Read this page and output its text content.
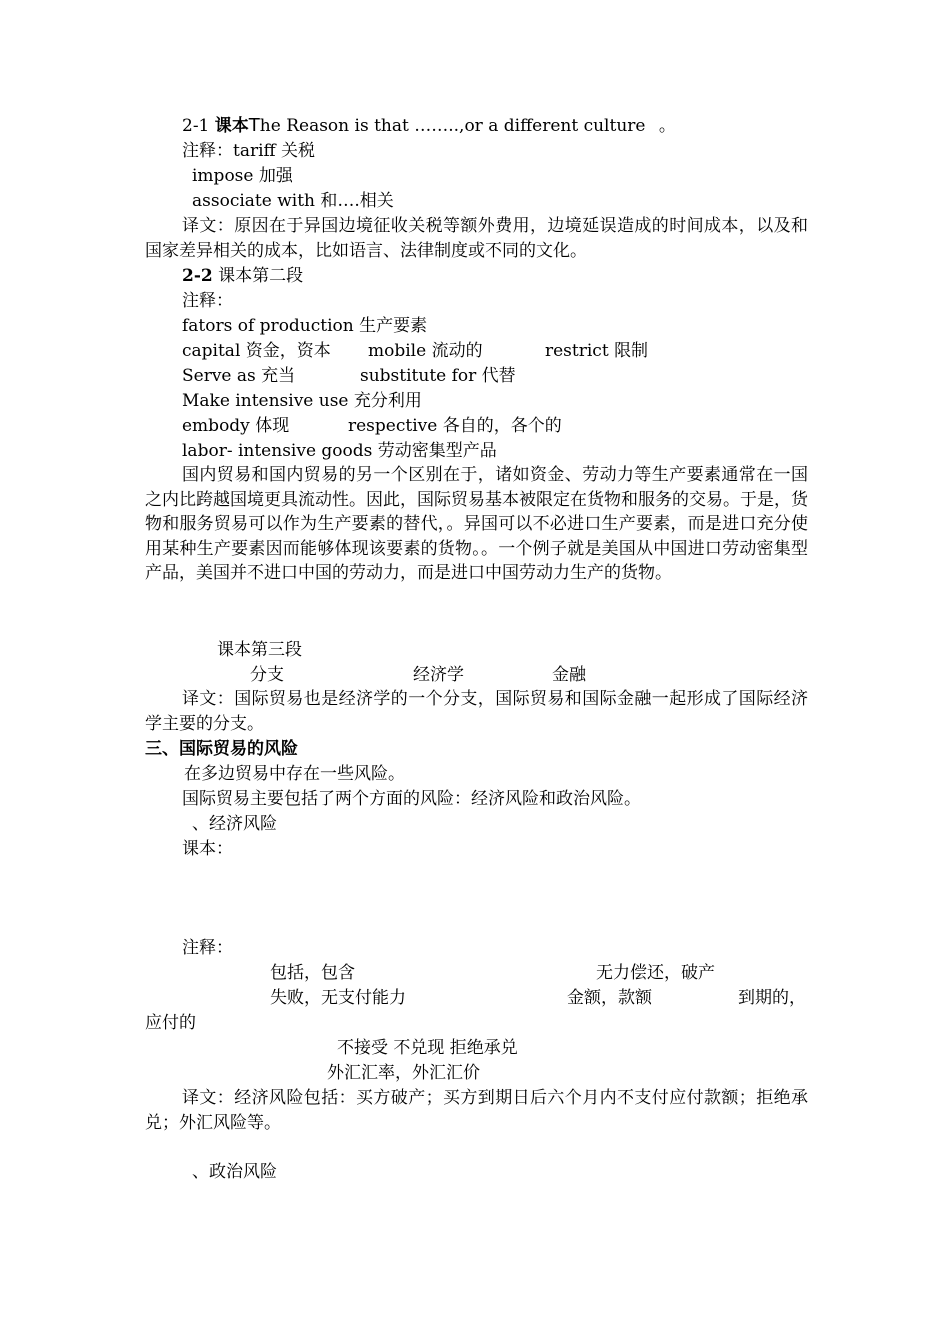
2-1 课本The Reason is that ……..,or a different culture 。
注释：tariff 关税
impose 加强
associate with 和….相关
译文：原因在于异国边境征收关税等额外费用，边境延误造成的时间成本，以及和国家差异相关的成本，比如语言、法律制度或不同的文化。
2-2 课本第二段
注释：
fators of production 生产要素
capital 资金，资本 mobile 流动的	restrict 限制
Serve as 充当	substitute for 代替
Make intensive use 充分利用
embody 体现	respective 各自的，各个的
labor- intensive goods 劳动密集型产品
国内贸易和国内贸易的另一个区别在于，诸如资金、劳动力等生产要素通常在一国之内比跨越国境更具流动性。因此，国际贸易基本被限定在货物和服务的交易。于是，货物和服务贸易可以作为生产要素的替代，。异国可以不必进口生产要素，而是进口充分使用某种生产要素因而能够体现该要素的货物。。一个例子就是美国从中国进口劳动密集型产品，美国并不进口中国的劳动力，而是进口中国劳动力生产的货物。
课本第三段
分支	经济学	金融
译文：国际贸易也是经济学的一个分支，国际贸易和国际金融一起形成了国际经济学主要的分支。
三、国际贸易的风险
在多边贸易中存在一些风险。
国际贸易主要包括了两个方面的风险：经济风险和政治风险。
、经济风险
课本：
注释：
包括，包含	无力偿还，破产
失败，无支付能力	金额，款额	到期的，
应付的
不接受 不兑现 拒绝承兑
外汇汇率，外汇汇价
译文：经济风险包括：买方破产；买方到期日后六个月内不支付应付款额；拒绝承兑；外汇风险等。
、政治风险
